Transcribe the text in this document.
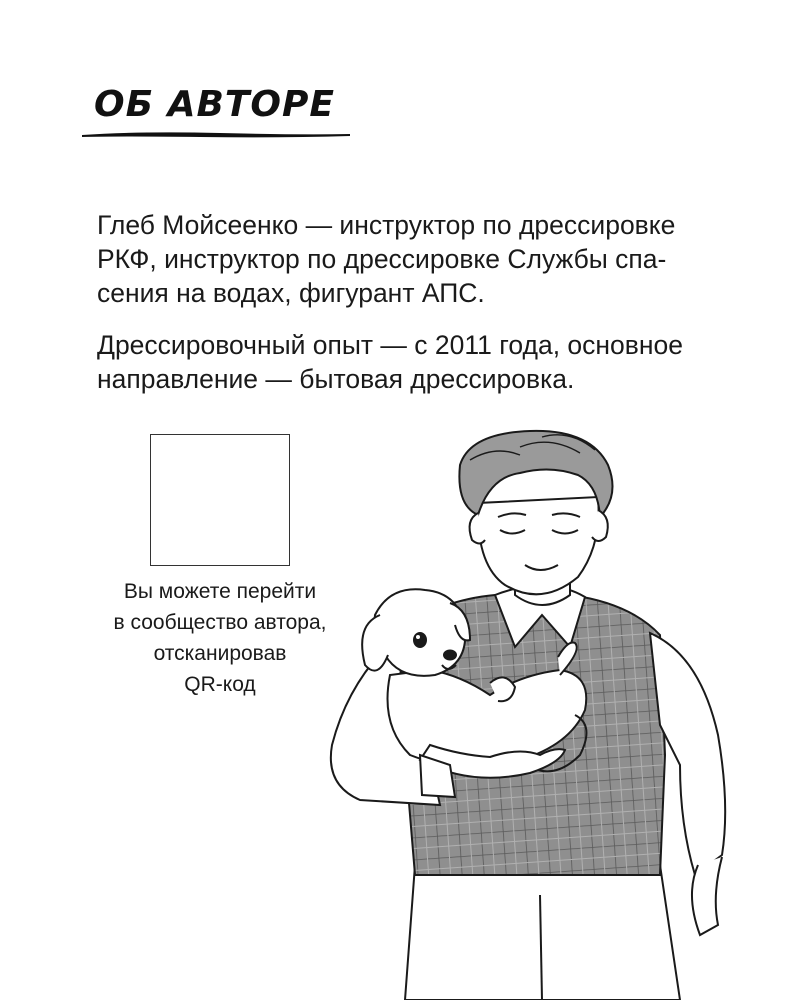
ОБ АВТОРЕ

Глеб Мойсеенко — инструктор по дрессировке РКФ, инструктор по дрессировке Службы спа-сения на водах, фигурант АПС.

Дрессировочный опыт — с 2011 года, основное направление — бытовая дрессировка.

Вы можете перейти
в сообщество автора,
отсканировав
QR-код
